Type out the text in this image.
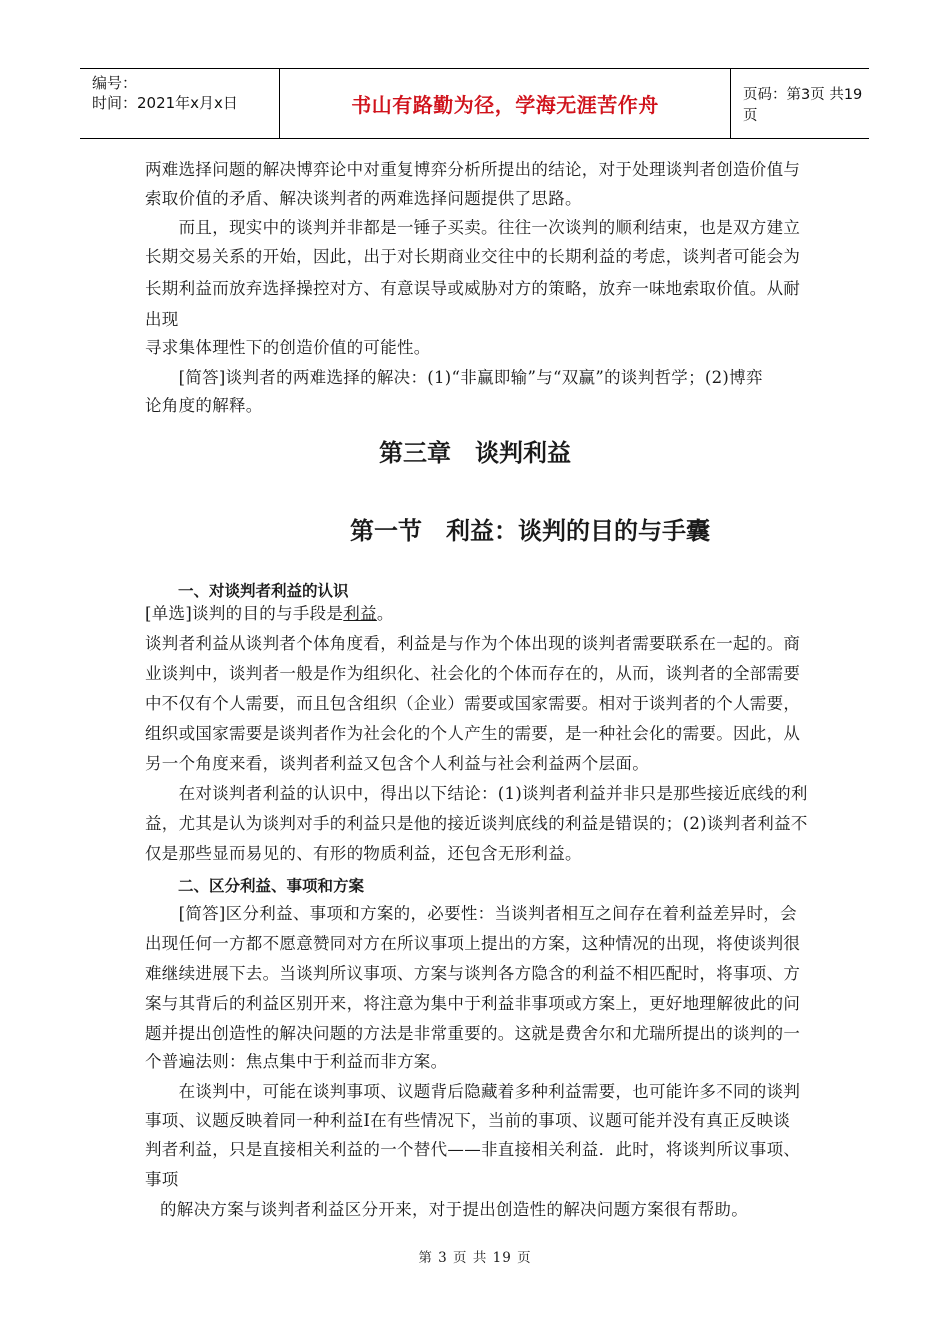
编号：
时间：2021年x月x日	书山有路勤为径，学海无涯苦作舟	页码：第3页 共19页
两难选择问题的解决博弈论中对重复博弈分析所提出的结论，对于处理谈判者创造价值与
索取价值的矛盾、解决谈判者的两难选择问题提供了思路。
　　而且，现实中的谈判并非都是一锤子买卖。往往一次谈判的顺利结束，也是双方建立
长期交易关系的开始，因此，出于对长期商业交往中的长期利益的考虑，谈判者可能会为
长期利益而放弃选择操控对方、有意误导或威胁对方的策略，放弃一味地索取价值。从耐
出现
寻求集体理性下的创造价值的可能性。
　　[简答]谈判者的两难选择的解决：(1)“非赢即输”与“双赢”的谈判哲学；(2)博弈
论角度的解释。
第三章　谈判利益
第一节　利益：谈判的目的与手囊
一、对谈判者利益的认识
[单选]谈判的目的与手段是利益。
谈判者利益从谈判者个体角度看，利益是与作为个体出现的谈判者需要联系在一起的。商
业谈判中，谈判者一般是作为组织化、社会化的个体而存在的，从而，谈判者的全部需要
中不仅有个人需要，而且包含组织（企业）需要或国家需要。相对于谈判者的个人需要，
组织或国家需要是谈判者作为社会化的个人产生的需要，是一种社会化的需要。因此，从
另一个角度来看，谈判者利益又包含个人利益与社会利益两个层面。
　　在对谈判者利益的认识中，得出以下结论：(1)谈判者利益并非只是那些接近底线的利
益，尤其是认为谈判对手的利益只是他的接近谈判底线的利益是错误的；(2)谈判者利益不
仅是那些显而易见的、有形的物质利益，还包含无形利益。
二、区分利益、事项和方案
　　[简答]区分利益、事项和方案的，必要性：当谈判者相互之间存在着利益差异时，会
出现任何一方都不愿意赞同对方在所议事项上提出的方案，这种情况的出现，将使谈判很
难继续进展下去。当谈判所议事项、方案与谈判各方隐含的利益不相匹配时，将事项、方
案与其背后的利益区别开来，将注意为集中于利益非事项或方案上，更好地理解彼此的问
题并提出创造性的解决问题的方法是非常重要的。这就是费舍尔和尤瑞所提出的谈判的一
个普遍法则：焦点集中于利益而非方案。
　　在谈判中，可能在谈判事项、议题背后隐藏着多种利益需要，也可能许多不同的谈判
事项、议题反映着同一种利益Ⅰ在有些情况下，当前的事项、议题可能并没有真正反映谈
判者利益，只是直接相关利益的一个替代——非直接相关利益．此时，将谈判所议事项、
事项
的解决方案与谈判者利益区分开来，对于提出创造性的解决问题方案很有帮助。
第 3 页 共 19 页
